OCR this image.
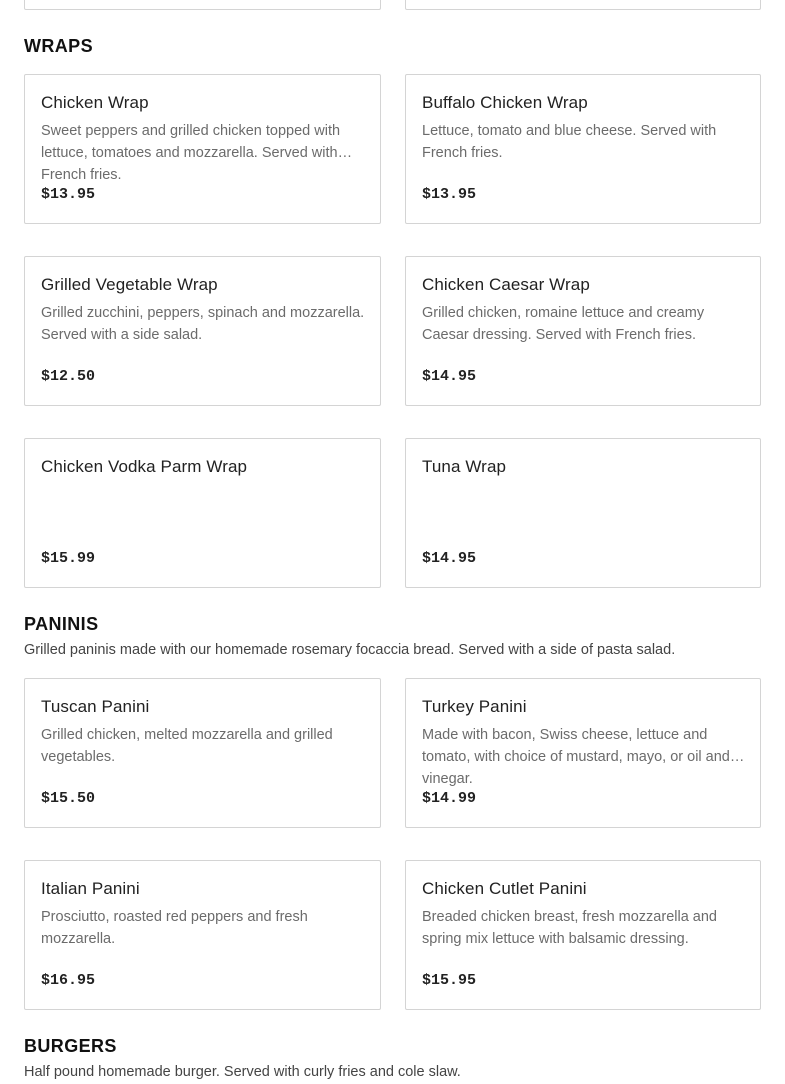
WRAPS
Chicken Wrap
Sweet peppers and grilled chicken topped with lettuce, tomatoes and mozzarella. Served with French fries.
$13.95
Buffalo Chicken Wrap
Lettuce, tomato and blue cheese. Served with French fries.
$13.95
Grilled Vegetable Wrap
Grilled zucchini, peppers, spinach and mozzarella. Served with a side salad.
$12.50
Chicken Caesar Wrap
Grilled chicken, romaine lettuce and creamy Caesar dressing. Served with French fries.
$14.95
Chicken Vodka Parm Wrap
$15.99
Tuna Wrap
$14.95
PANINIS

Grilled paninis made with our homemade rosemary focaccia bread. Served with a side of pasta salad.

Tuscan Panini
Grilled chicken, melted mozzarella and grilled vegetables.
$15.50
Turkey Panini
Made with bacon, Swiss cheese, lettuce and tomato, with choice of mustard, mayo, or oil and vinegar.
$14.99
Italian Panini
Prosciutto, roasted red peppers and fresh mozzarella.
$16.95
Chicken Cutlet Panini
Breaded chicken breast, fresh mozzarella and spring mix lettuce with balsamic dressing.
$15.95
BURGERS

Half pound homemade burger. Served with curly fries and cole slaw.
